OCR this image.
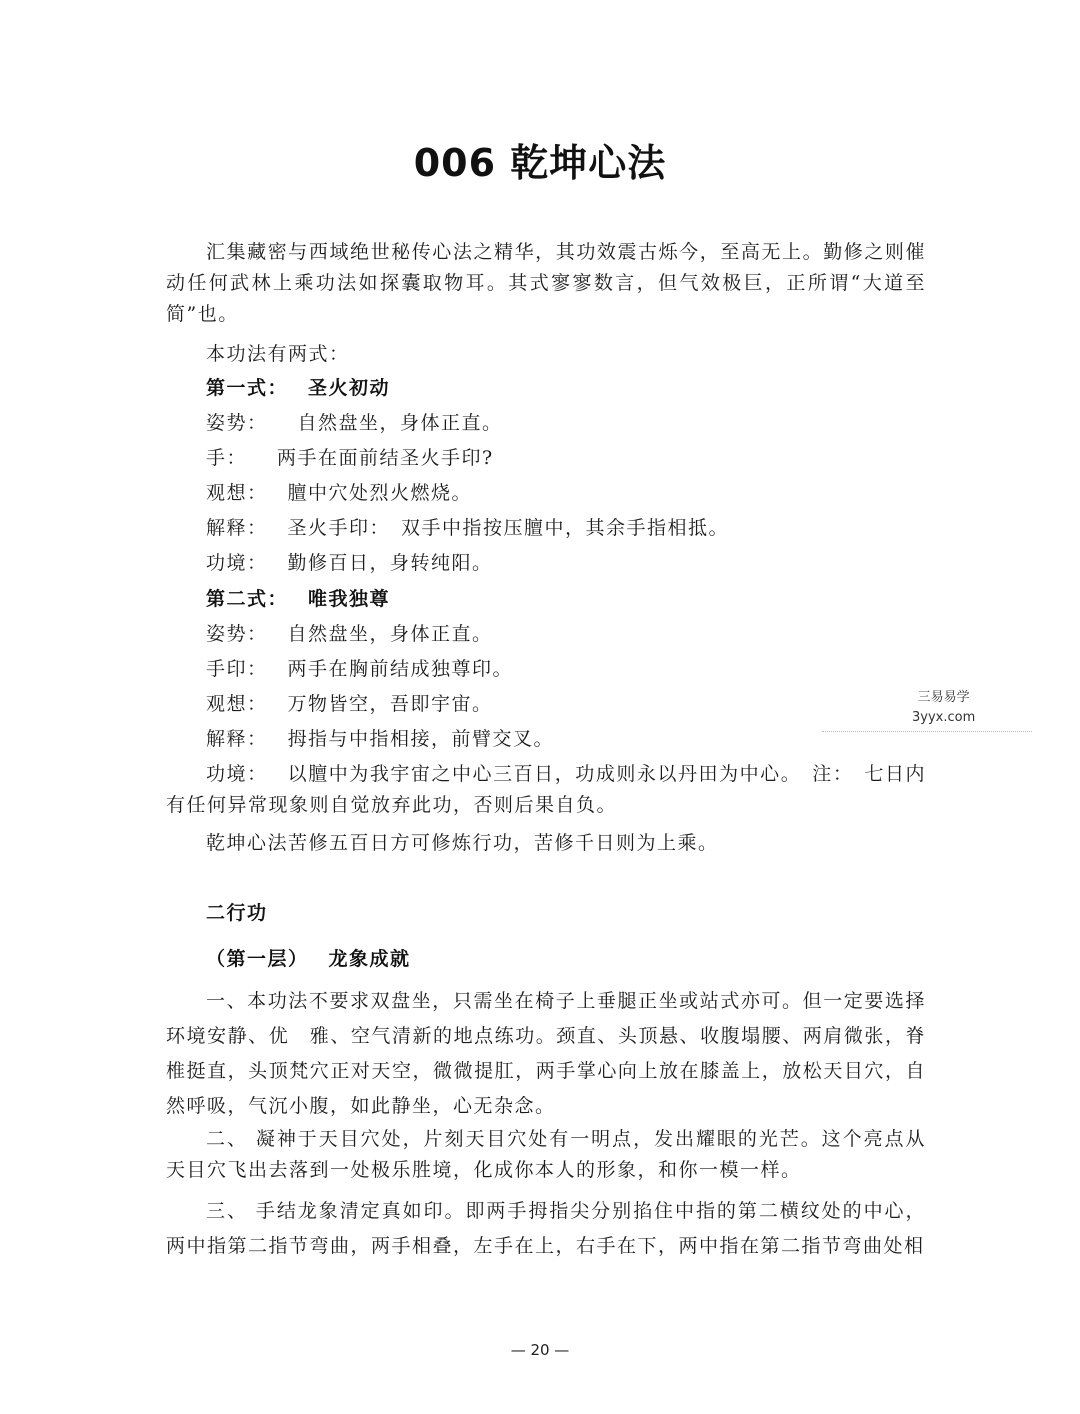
006 乾坤心法

汇集藏密与西域绝世秘传心法之精华，其功效震古烁今，至高无上。勤修之则催动任何武林上乘功法如探囊取物耳。其式寥寥数言，但气效极巨，正所谓“大道至简”也。

本功法有两式：
第一式： 圣火初动
姿势： 自然盘坐，身体正直。
手： 两手在面前结圣火手印?
观想： 膻中穴处烈火燃烧。
解释： 圣火手印：　双手中指按压膻中，其余手指相抵。
功境： 勤修百日，身转纯阳。
第二式： 唯我独尊
姿势： 自然盘坐，身体正直。
手印： 两手在胸前结成独尊印。
观想： 万物皆空，吾即宇宙。
解释： 拇指与中指相接，前臂交叉。

功境： 以膻中为我宇宙之中心三百日，功成则永以丹田为中心。　注：　七日内有任何异常现象则自觉放弃此功，否则后果自负。

乾坤心法苦修五百日方可修炼行功，苦修千日则为上乘。
二行功
（第一层） 龙象成就

一、本功法不要求双盘坐，只需坐在椅子上垂腿正坐或站式亦可。但一定要选择环境安静、优　雅、空气清新的地点练功。颈直、头顶悬、收腹塌腰、两肩微张，脊椎挺直，头顶梵穴正对天空，微微提肛，两手掌心向上放在膝盖上，放松天目穴，自然呼吸，气沉小腹，如此静坐，心无杂念。

二、 凝神于天目穴处，片刻天目穴处有一明点，发出耀眼的光芒。这个亮点从天目穴飞出去落到一处极乐胜境，化成你本人的形象，和你一模一样。

三、 手结龙象清定真如印。即两手拇指尖分别掐住中指的第二横纹处的中心，两中指第二指节弯曲，两手相叠，左手在上，右手在下，两中指在第二指节弯曲处相

三易易学
3yyx.com
— 20 —
